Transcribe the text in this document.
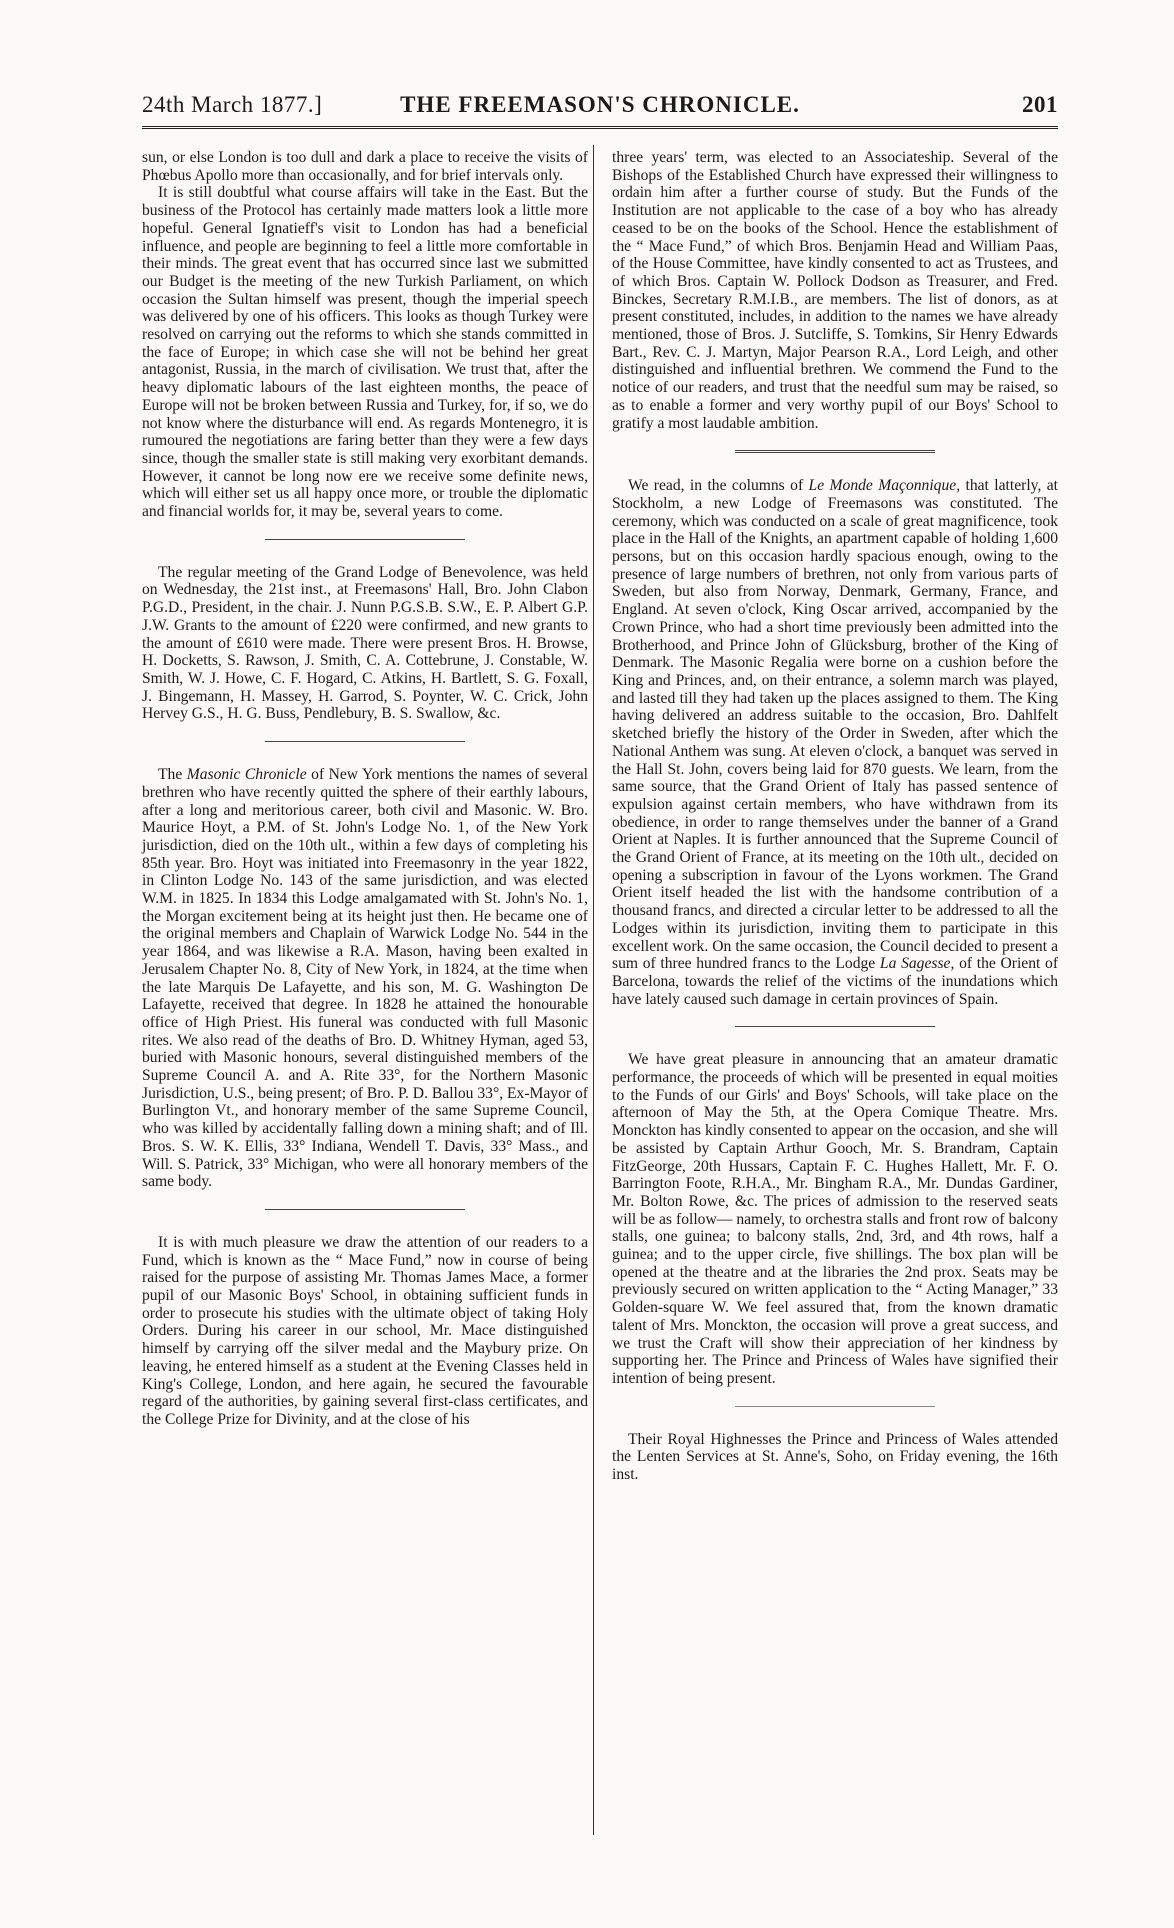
24th March 1877.]	THE FREEMASON'S CHRONICLE.	201

sun, or else London is too dull and dark a place to receive the visits of Phœbus Apollo more than occasionally, and for brief intervals only.

It is still doubtful what course affairs will take in the East. But the business of the Protocol has certainly made matters look a little more hopeful. General Ignatieff's visit to London has had a beneficial influence, and people are beginning to feel a little more comfortable in their minds. The great event that has occurred since last we submitted our Budget is the meeting of the new Turkish Parliament, on which occasion the Sultan himself was present, though the imperial speech was delivered by one of his officers. This looks as though Turkey were resolved on carrying out the reforms to which she stands committed in the face of Europe; in which case she will not be behind her great antagonist, Russia, in the march of civilisation. We trust that, after the heavy diplomatic labours of the last eighteen months, the peace of Europe will not be broken between Russia and Turkey, for, if so, we do not know where the disturbance will end. As regards Montenegro, it is rumoured the negotiations are faring better than they were a few days since, though the smaller state is still making very exorbitant demands. However, it cannot be long now ere we receive some definite news, which will either set us all happy once more, or trouble the diplomatic and financial worlds for, it may be, several years to come.

The regular meeting of the Grand Lodge of Benevolence, was held on Wednesday, the 21st inst., at Freemasons' Hall, Bro. John Clabon P.G.D., President, in the chair. J. Nunn P.G.S.B. S.W., E. P. Albert G.P. J.W. Grants to the amount of £220 were confirmed, and new grants to the amount of £610 were made. There were present Bros. H. Browse, H. Docketts, S. Rawson, J. Smith, C. A. Cottebrune, J. Constable, W. Smith, W. J. Howe, C. F. Hogard, C. Atkins, H. Bartlett, S. G. Foxall, J. Bingemann, H. Massey, H. Garrod, S. Poynter, W. C. Crick, John Hervey G.S., H. G. Buss, Pendlebury, B. S. Swallow, &c.

The Masonic Chronicle of New York mentions the names of several brethren who have recently quitted the sphere of their earthly labours, after a long and meritorious career, both civil and Masonic. W. Bro. Maurice Hoyt, a P.M. of St. John's Lodge No. 1, of the New York jurisdiction, died on the 10th ult., within a few days of completing his 85th year. Bro. Hoyt was initiated into Freemasonry in the year 1822, in Clinton Lodge No. 143 of the same jurisdiction, and was elected W.M. in 1825. In 1834 this Lodge amalgamated with St. John's No. 1, the Morgan excitement being at its height just then. He became one of the original members and Chaplain of Warwick Lodge No. 544 in the year 1864, and was likewise a R.A. Mason, having been exalted in Jerusalem Chapter No. 8, City of New York, in 1824, at the time when the late Marquis De Lafayette, and his son, M. G. Washington De Lafayette, received that degree. In 1828 he attained the honourable office of High Priest. His funeral was conducted with full Masonic rites. We also read of the deaths of Bro. D. Whitney Hyman, aged 53, buried with Masonic honours, several distinguished members of the Supreme Council A. and A. Rite 33°, for the Northern Masonic Jurisdiction, U.S., being present; of Bro. P. D. Ballou 33°, Ex-Mayor of Burlington Vt., and honorary member of the same Supreme Council, who was killed by accidentally falling down a mining shaft; and of Ill. Bros. S. W. K. Ellis, 33° Indiana, Wendell T. Davis, 33° Mass., and Will. S. Patrick, 33° Michigan, who were all honorary members of the same body.

It is with much pleasure we draw the attention of our readers to a Fund, which is known as the “ Mace Fund,” now in course of being raised for the purpose of assisting Mr. Thomas James Mace, a former pupil of our Masonic Boys' School, in obtaining sufficient funds in order to prosecute his studies with the ultimate object of taking Holy Orders. During his career in our school, Mr. Mace distinguished himself by carrying off the silver medal and the Maybury prize. On leaving, he entered himself as a student at the Evening Classes held in King's College, London, and here again, he secured the favourable regard of the authorities, by gaining several first-class certificates, and the College Prize for Divinity, and at the close of his

three years' term, was elected to an Associateship. Several of the Bishops of the Established Church have expressed their willingness to ordain him after a further course of study. But the Funds of the Institution are not applicable to the case of a boy who has already ceased to be on the books of the School. Hence the establishment of the “ Mace Fund,” of which Bros. Benjamin Head and William Paas, of the House Committee, have kindly consented to act as Trustees, and of which Bros. Captain W. Pollock Dodson as Treasurer, and Fred. Binckes, Secretary R.M.I.B., are members. The list of donors, as at present constituted, includes, in addition to the names we have already mentioned, those of Bros. J. Sutcliffe, S. Tomkins, Sir Henry Edwards Bart., Rev. C. J. Martyn, Major Pearson R.A., Lord Leigh, and other distinguished and influential brethren. We commend the Fund to the notice of our readers, and trust that the needful sum may be raised, so as to enable a former and very worthy pupil of our Boys' School to gratify a most laudable ambition.

We read, in the columns of Le Monde Maçonnique, that latterly, at Stockholm, a new Lodge of Freemasons was constituted. The ceremony, which was conducted on a scale of great magnificence, took place in the Hall of the Knights, an apartment capable of holding 1,600 persons, but on this occasion hardly spacious enough, owing to the presence of large numbers of brethren, not only from various parts of Sweden, but also from Norway, Denmark, Germany, France, and England. At seven o'clock, King Oscar arrived, accompanied by the Crown Prince, who had a short time previously been admitted into the Brotherhood, and Prince John of Glücksburg, brother of the King of Denmark. The Masonic Regalia were borne on a cushion before the King and Princes, and, on their entrance, a solemn march was played, and lasted till they had taken up the places assigned to them. The King having delivered an address suitable to the occasion, Bro. Dahlfelt sketched briefly the history of the Order in Sweden, after which the National Anthem was sung. At eleven o'clock, a banquet was served in the Hall St. John, covers being laid for 870 guests. We learn, from the same source, that the Grand Orient of Italy has passed sentence of expulsion against certain members, who have withdrawn from its obedience, in order to range themselves under the banner of a Grand Orient at Naples. It is further announced that the Supreme Council of the Grand Orient of France, at its meeting on the 10th ult., decided on opening a subscription in favour of the Lyons workmen. The Grand Orient itself headed the list with the handsome contribution of a thousand francs, and directed a circular letter to be addressed to all the Lodges within its jurisdiction, inviting them to participate in this excellent work. On the same occasion, the Council decided to present a sum of three hundred francs to the Lodge La Sagesse, of the Orient of Barcelona, towards the relief of the victims of the inundations which have lately caused such damage in certain provinces of Spain.

We have great pleasure in announcing that an amateur dramatic performance, the proceeds of which will be presented in equal moities to the Funds of our Girls' and Boys' Schools, will take place on the afternoon of May the 5th, at the Opera Comique Theatre. Mrs. Monckton has kindly consented to appear on the occasion, and she will be assisted by Captain Arthur Gooch, Mr. S. Brandram, Captain FitzGeorge, 20th Hussars, Captain F. C. Hughes Hallett, Mr. F. O. Barrington Foote, R.H.A., Mr. Bingham R.A., Mr. Dundas Gardiner, Mr. Bolton Rowe, &c. The prices of admission to the reserved seats will be as follow— namely, to orchestra stalls and front row of balcony stalls, one guinea; to balcony stalls, 2nd, 3rd, and 4th rows, half a guinea; and to the upper circle, five shillings. The box plan will be opened at the theatre and at the libraries the 2nd prox. Seats may be previously secured on written application to the “ Acting Manager,” 33 Golden-square W. We feel assured that, from the known dramatic talent of Mrs. Monckton, the occasion will prove a great success, and we trust the Craft will show their appreciation of her kindness by supporting her. The Prince and Princess of Wales have signified their intention of being present.

Their Royal Highnesses the Prince and Princess of Wales attended the Lenten Services at St. Anne's, Soho, on Friday evening, the 16th inst.
